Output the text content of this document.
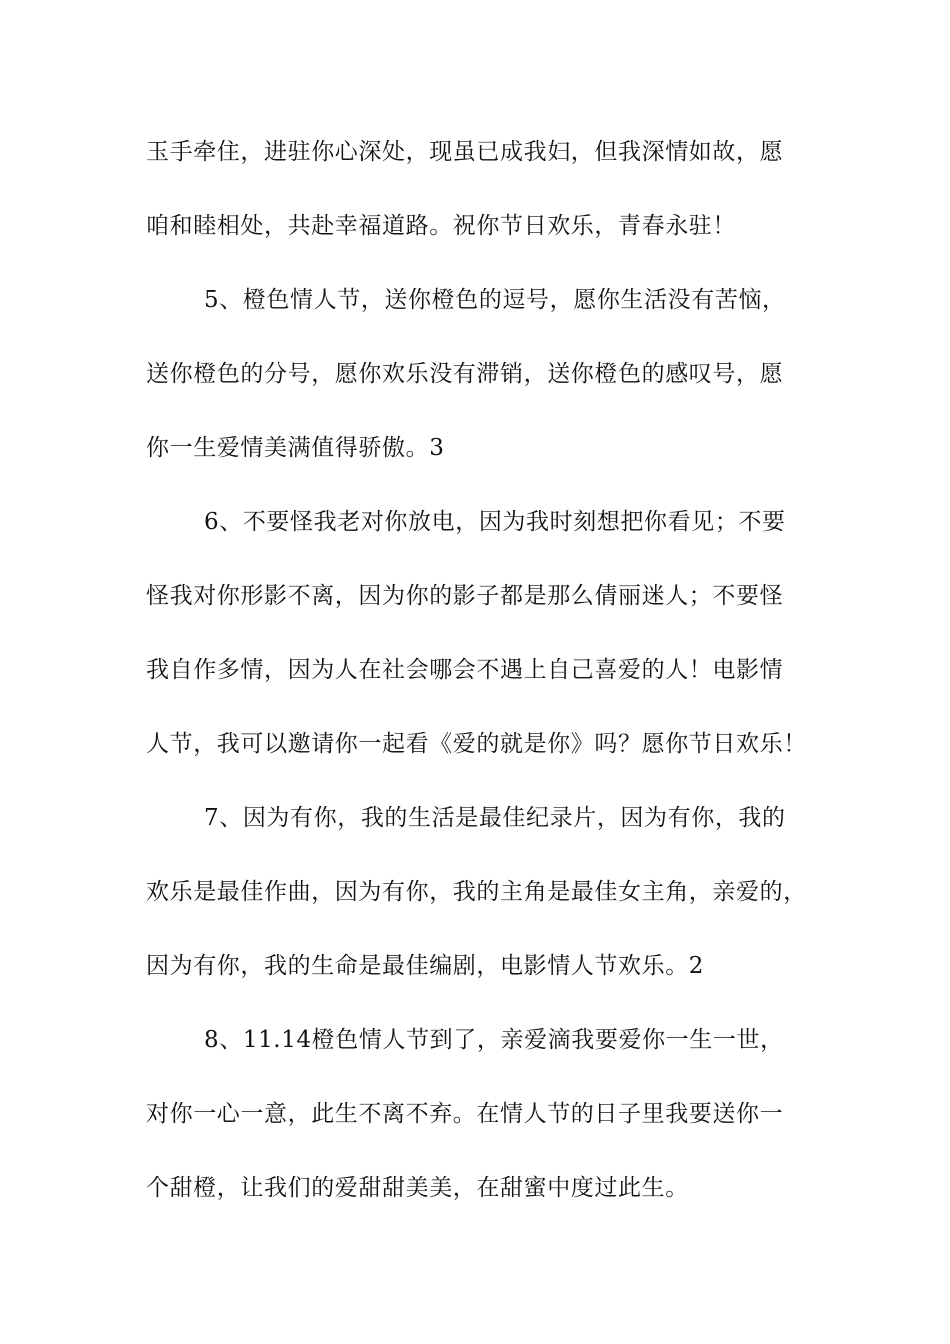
玉手牵住，进驻你心深处，现虽已成我妇，但我深情如故，愿
咱和睦相处，共赴幸福道路。祝你节日欢乐，青春永驻！
5、橙色情人节，送你橙色的逗号，愿你生活没有苦恼，
送你橙色的分号，愿你欢乐没有滞销，送你橙色的感叹号，愿
你一生爱情美满值得骄傲。3
6、不要怪我老对你放电，因为我时刻想把你看见；不要
怪我对你形影不离，因为你的影子都是那么倩丽迷人；不要怪
我自作多情，因为人在社会哪会不遇上自己喜爱的人！电影情
人节，我可以邀请你一起看《爱的就是你》吗？愿你节日欢乐！
7、因为有你，我的生活是最佳纪录片，因为有你，我的
欢乐是最佳作曲，因为有你，我的主角是最佳女主角，亲爱的，
因为有你，我的生命是最佳编剧，电影情人节欢乐。2
8、11.14橙色情人节到了，亲爱滴我要爱你一生一世，
对你一心一意，此生不离不弃。在情人节的日子里我要送你一
个甜橙，让我们的爱甜甜美美，在甜蜜中度过此生。
